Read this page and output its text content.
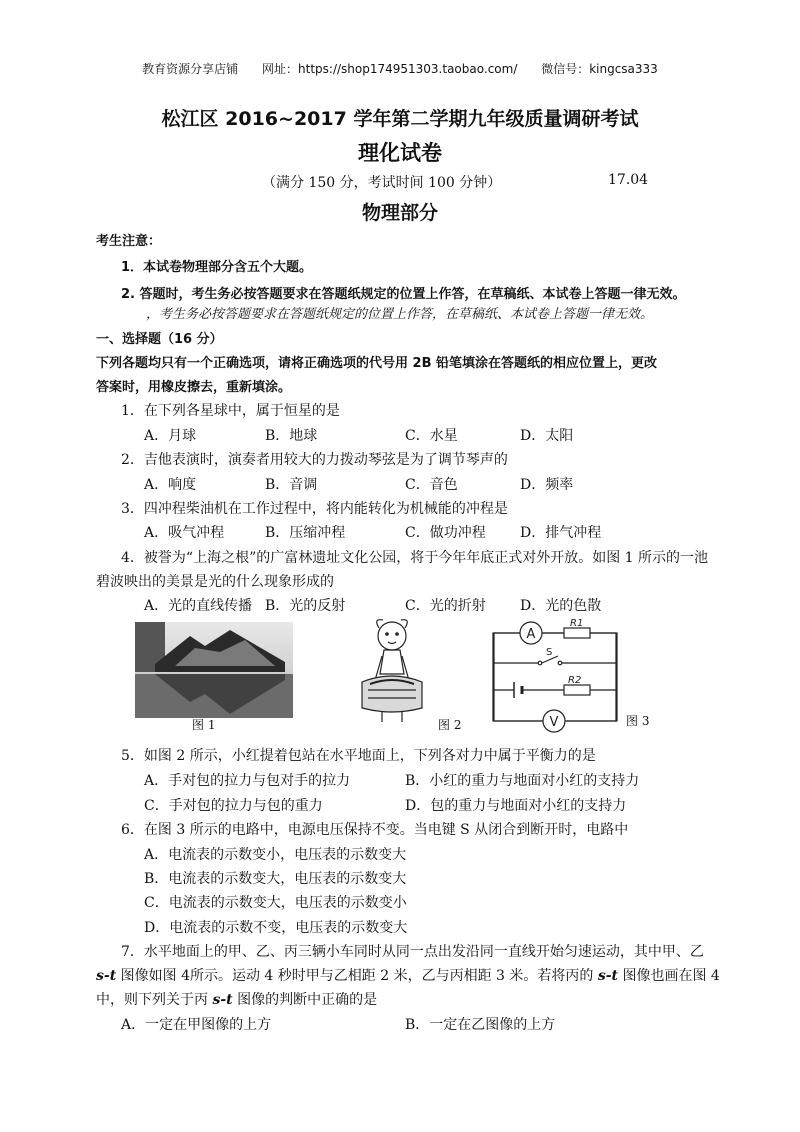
教育资源分享店铺 网址：https://shop174951303.taobao.com/ 微信号：kingcsa333
松江区 2016~2017 学年第二学期九年级质量调研考试
理化试卷
（满分 150 分，考试时间 100 分钟）	17.04
物理部分
考生注意：
1．本试卷物理部分含五个大题。
2. 答题时，考生务必按答题要求在答题纸规定的位置上作答，在草稿纸、本试卷上答题一律无效。
，考生务必按答题要求在答题纸规定的位置上作答，在草稿纸、本试卷上答题一律无效。
一、选择题（16 分）
下列各题均只有一个正确选项，请将正确选项的代号用 2B 铅笔填涂在答题纸的相应位置上，更改
答案时，用橡皮擦去，重新填涂。
1．在下列各星球中，属于恒星的是
A．月球	B．地球	C．水星	D．太阳
2．吉他表演时，演奏者用较大的力拨动琴弦是为了调节琴声的
A．响度	B．音调	C．音色	D．频率
3．四冲程柴油机在工作过程中，将内能转化为机械能的冲程是
A．吸气冲程	B．压缩冲程	C．做功冲程 D．排气冲程
4．被誉为“上海之根”的广富林遗址文化公园，将于今年年底正式对外开放。如图 1 所示的一池
碧波映出的美景是光的什么现象形成的
A．光的直线传播 B．光的反射	C．光的折射 D．光的色散
图 1	图 2
A
R1
S
R2
V	图 3
5．如图 2 所示，小红提着包站在水平地面上，下列各对力中属于平衡力的是
A．手对包的拉力与包对手的拉力	B．小红的重力与地面对小红的支持力
C．手对包的拉力与包的重力	D．包的重力与地面对小红的支持力
6．在图 3 所示的电路中，电源电压保持不变。当电键 S 从闭合到断开时，电路中
A．电流表的示数变小，电压表的示数变大
B．电流表的示数变大，电压表的示数变大
C．电流表的示数变大，电压表的示数变小
D．电流表的示数不变，电压表的示数变大
7．水平地面上的甲、乙、丙三辆小车同时从同一点出发沿同一直线开始匀速运动，其中甲、乙
s-t 图像如图 4所示。运动 4 秒时甲与乙相距 2 米，乙与丙相距 3 米。若将丙的 s-t 图像也画在图 4
中，则下列关于丙 s-t 图像的判断中正确的是
A．一定在甲图像的上方	B．一定在乙图像的上方
